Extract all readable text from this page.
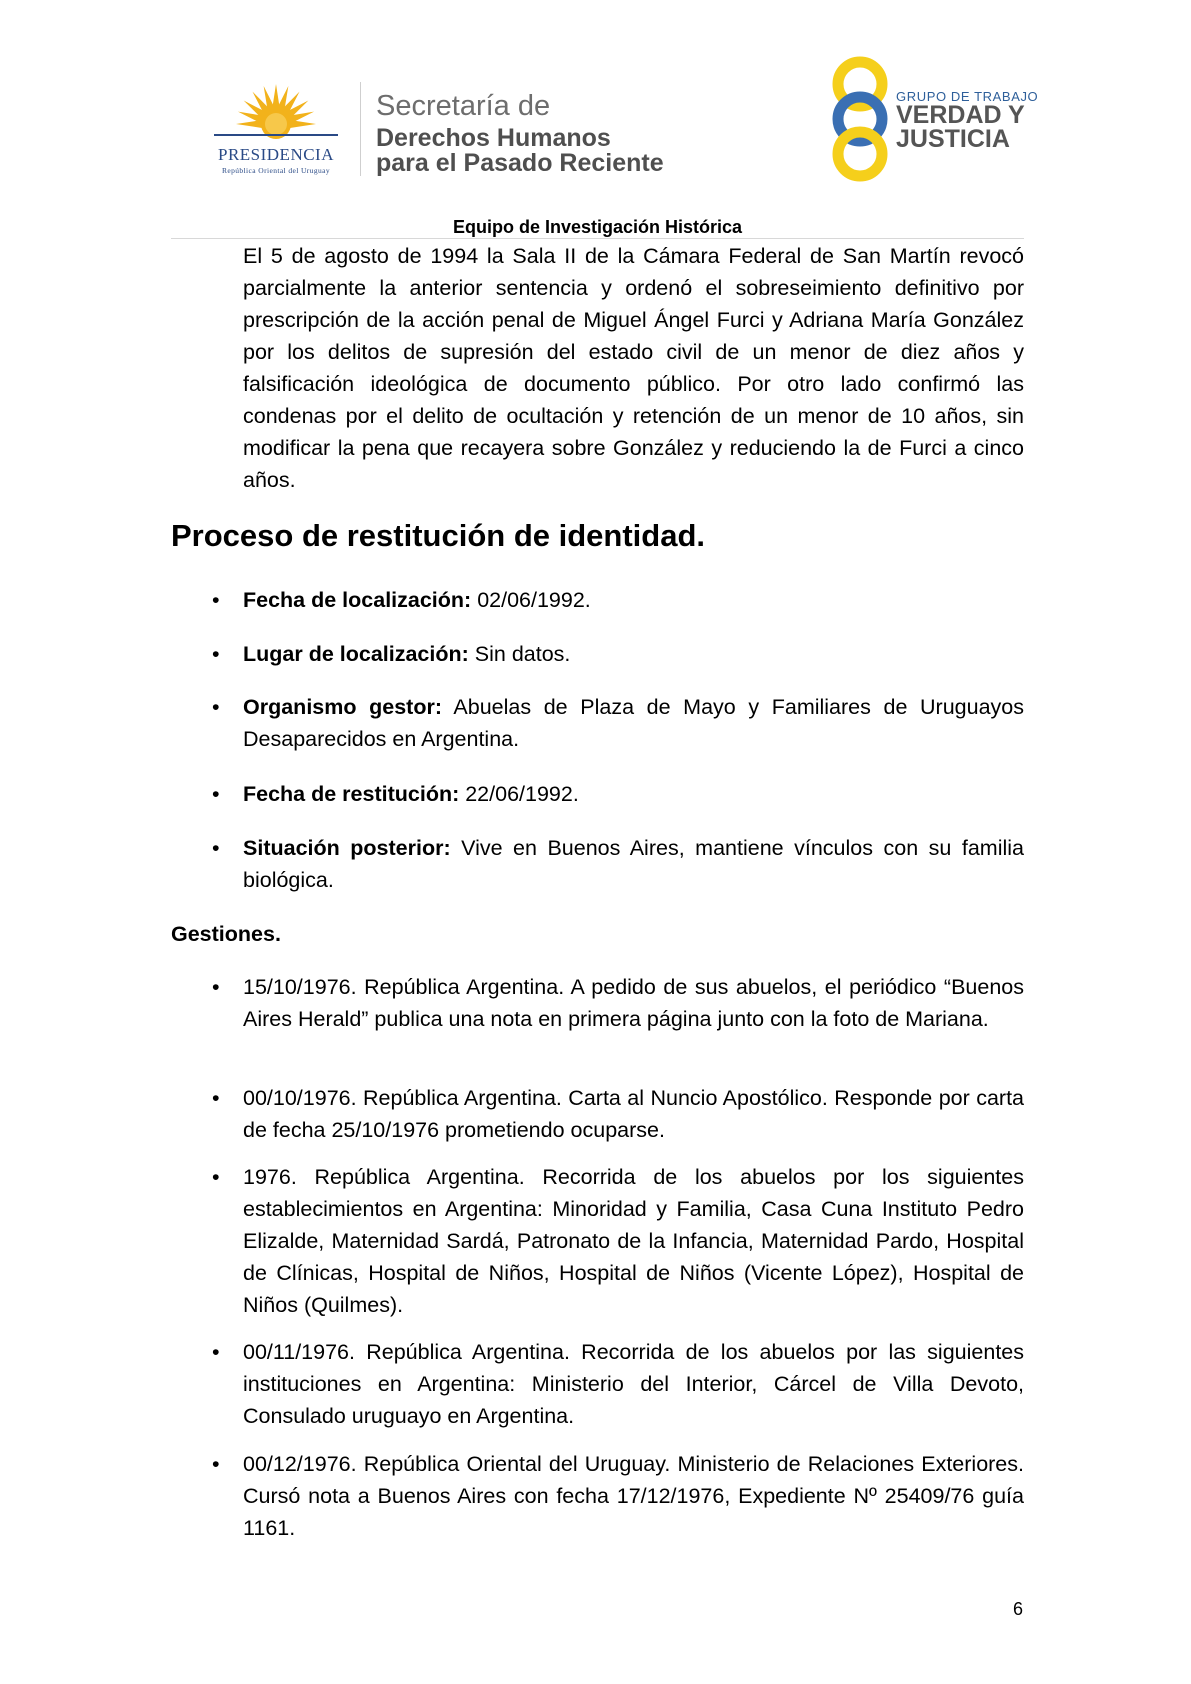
PRESIDENCIA
República Oriental del Uruguay
Secretaría de
Derechos Humanos
para el Pasado Reciente
GRUPO DE TRABAJO
VERDAD Y
JUSTICIA
Equipo de Investigación Histórica
El 5 de agosto de 1994 la Sala II de la Cámara Federal de San Martín revocó parcialmente la anterior sentencia y ordenó el sobreseimiento definitivo por prescripción de la acción penal de Miguel Ángel Furci y Adriana María González por los delitos de supresión del estado civil de un menor de diez años y falsificación ideológica de documento público. Por otro lado confirmó las condenas por el delito de ocultación y retención de un menor de 10 años, sin modificar la pena que recayera sobre González y reduciendo la de Furci a cinco años.
Proceso de restitución de identidad.
• Fecha de localización: 02/06/1992.
• Lugar de localización: Sin datos.
• Organismo gestor: Abuelas de Plaza de Mayo y Familiares de Uruguayos Desaparecidos en Argentina.
• Fecha de restitución: 22/06/1992.
• Situación posterior: Vive en Buenos Aires, mantiene vínculos con su familia biológica.
Gestiones.
• 15/10/1976. República Argentina. A pedido de sus abuelos, el periódico “Buenos Aires Herald” publica una nota en primera página junto con la foto de Mariana.
• 00/10/1976. República Argentina. Carta al Nuncio Apostólico. Responde por carta de fecha 25/10/1976 prometiendo ocuparse.
• 1976. República Argentina. Recorrida de los abuelos por los siguientes establecimientos en Argentina: Minoridad y Familia, Casa Cuna Instituto Pedro Elizalde, Maternidad Sardá, Patronato de la Infancia, Maternidad Pardo, Hospital de Clínicas, Hospital de Niños, Hospital de Niños (Vicente López), Hospital de Niños (Quilmes).
• 00/11/1976. República Argentina. Recorrida de los abuelos por las siguientes instituciones en Argentina: Ministerio del Interior, Cárcel de Villa Devoto, Consulado uruguayo en Argentina.
• 00/12/1976. República Oriental del Uruguay. Ministerio de Relaciones Exteriores. Cursó nota a Buenos Aires con fecha 17/12/1976, Expediente Nº 25409/76 guía 1161.
6
